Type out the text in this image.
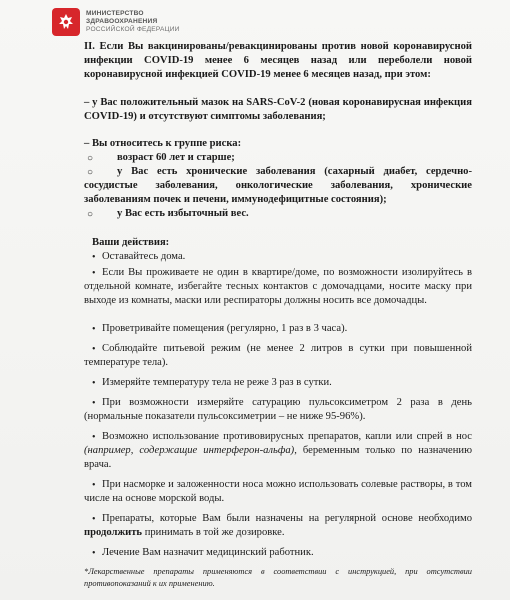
МИНИСТЕРСТВО
ЗДРАВООХРАНЕНИЯ
РОССИЙСКОЙ ФЕДЕРАЦИИ
II. Если Вы вакцинированы/ревакцинированы против новой коронавирусной инфекции COVID-19 менее 6 месяцев назад или переболели новой коронавирусной инфекцией COVID-19 менее 6 месяцев назад, при этом:
– у Вас положительный мазок на SARS-CoV-2 (новая коронавирусная инфекция COVID-19) и отсутствуют симптомы заболевания;
– Вы относитесь к группе риска:
○ возраст 60 лет и старше;
○	у Вас есть хронические заболевания (сахарный диабет, сердечно-сосудистые заболевания, онкологические заболевания, хронические заболеваниям почек и печени, иммунодефицитные состояния);
○ у Вас есть избыточный вес.
Ваши действия:
• Оставайтесь дома.
• Если Вы проживаете не один в квартире/доме, по возможности изолируйтесь в отдельной комнате, избегайте тесных контактов с домочадцами, носите маску при выходе из комнаты, маски или респираторы должны носить все домочадцы.
• Проветривайте помещения (регулярно, 1 раз в 3 часа).
• Соблюдайте питьевой режим (не менее 2 литров в сутки при повышенной температуре тела).
• Измеряйте температуру тела не реже 3 раз в сутки.
• При возможности измеряйте сатурацию пульсоксиметром 2 раза в день (нормальные показатели пульсоксиметрии – не ниже 95-96%).
• Возможно использование противовирусных препаратов, капли или спрей в нос (например, содержащие интерферон-альфа), беременным только по назначению врача.
• При насморке и заложенности носа можно использовать солевые растворы, в том числе на основе морской воды.
• Препараты, которые Вам были назначены на регулярной основе необходимо продолжить принимать в той же дозировке.
• Лечение Вам назначит медицинский работник.
*Лекарственные препараты применяются в соответствии с инструкцией, при отсутствии противопоказаний к их применению.
